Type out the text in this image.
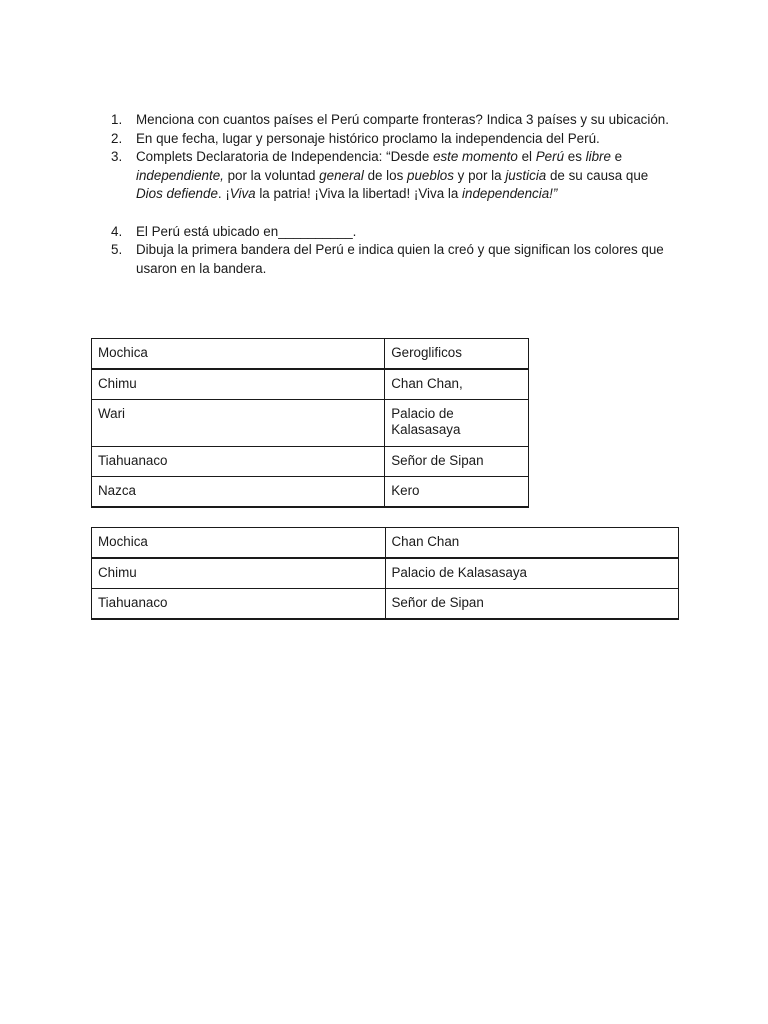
1.	Menciona con cuantos países el Perú comparte fronteras? Indica 3 países y su ubicación.
2.	En que fecha, lugar y personaje histórico proclamo la independencia del Perú.
3.	Complets Declaratoria de Independencia: “Desde este momento el Perú es libre e independiente, por la voluntad general de los pueblos y por la justicia de su causa que
Dios defiende. ¡Viva la patria! ¡Viva la libertad! ¡Viva la independencia!”
4.	El Perú está ubicado en__________.
5.	Dibuja la primera bandera del Perú e indica quien la creó y que significan los colores que usaron en la bandera.
Mochica	Geroglificos
Chimu	Chan Chan,
Wari	Palacio de Kalasasaya
Tiahuanaco	Señor de Sipan
Nazca	Kero
Mochica	Chan Chan
Chimu	Palacio de Kalasasaya
Tiahuanaco	Señor de Sipan
